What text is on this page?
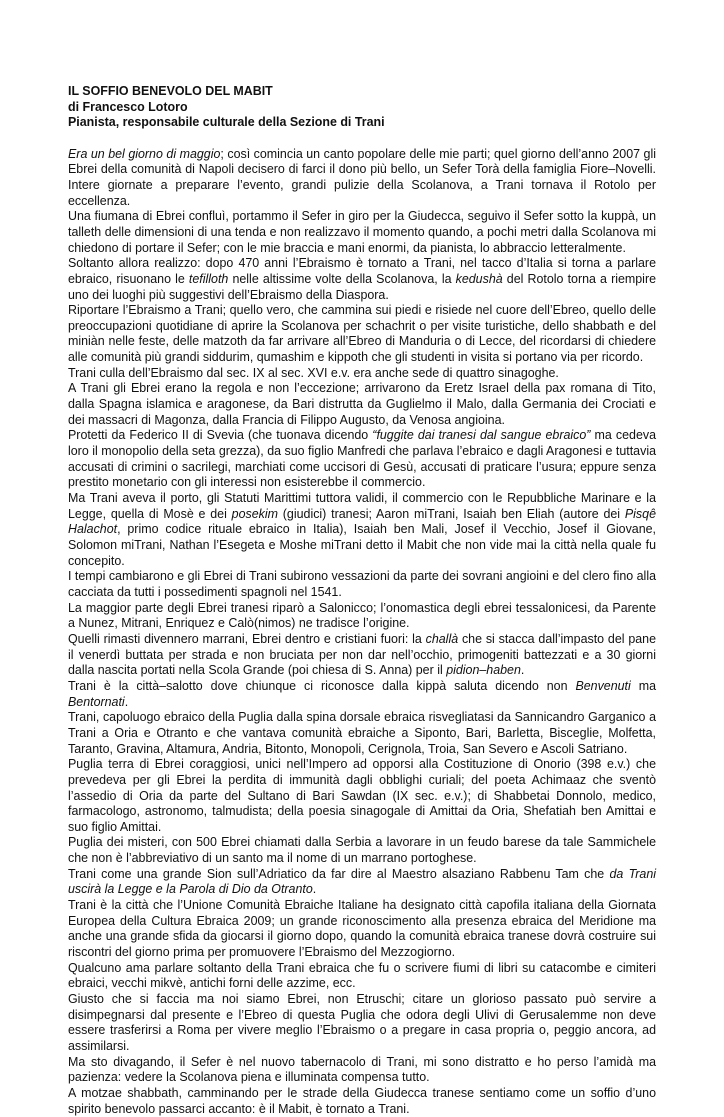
IL SOFFIO BENEVOLO DEL MABIT
di Francesco Lotoro
Pianista, responsabile culturale della Sezione di Trani

Era un bel giorno di maggio; così comincia un canto popolare delle mie parti; quel giorno dell’anno 2007 gli Ebrei della comunità di Napoli decisero di farci il dono più bello, un Sefer Torà della famiglia Fiore–Novelli. Intere giornate a preparare l’evento, grandi pulizie della Scolanova, a Trani tornava il Rotolo per eccellenza.

Una fiumana di Ebrei confluì, portammo il Sefer in giro per la Giudecca, seguivo il Sefer sotto la kuppà, un talleth delle dimensioni di una tenda e non realizzavo il momento quando, a pochi metri dalla Scolanova mi chiedono di portare il Sefer; con le mie braccia e mani enormi, da pianista, lo abbraccio letteralmente.

Soltanto allora realizzo: dopo 470 anni l’Ebraismo è tornato a Trani, nel tacco d’Italia si torna a parlare ebraico, risuonano le tefilloth nelle altissime volte della Scolanova, la kedushà del Rotolo torna a riempire uno dei luoghi più suggestivi dell’Ebraismo della Diaspora.

Riportare l’Ebraismo a Trani; quello vero, che cammina sui piedi e risiede nel cuore dell’Ebreo, quello delle preoccupazioni quotidiane di aprire la Scolanova per schachrit o per visite turistiche, dello shabbath e del miniàn nelle feste, delle matzoth da far arrivare all’Ebreo di Manduria o di Lecce, del ricordarsi di chiedere alle comunità più grandi siddurim, qumashim e kippoth che gli studenti in visita si portano via per ricordo.

Trani culla dell’Ebraismo dal sec. IX al sec. XVI e.v. era anche sede di quattro sinagoghe.

A Trani gli Ebrei erano la regola e non l’eccezione; arrivarono da Eretz Israel della pax romana di Tito, dalla Spagna islamica e aragonese, da Bari distrutta da Guglielmo il Malo, dalla Germania dei Crociati e dei massacri di Magonza, dalla Francia di Filippo Augusto, da Venosa angioina.

Protetti da Federico II di Svevia (che tuonava dicendo “fuggite dai tranesi dal sangue ebraico” ma cedeva loro il monopolio della seta grezza), da suo figlio Manfredi che parlava l’ebraico e dagli Aragonesi e tuttavia accusati di crimini o sacrilegi, marchiati come uccisori di Gesù, accusati di praticare l’usura; eppure senza prestito monetario con gli interessi non esisterebbe il commercio.

Ma Trani aveva il porto, gli Statuti Marittimi tuttora validi, il commercio con le Repubbliche Marinare e la Legge, quella di Mosè e dei posekim (giudici) tranesi; Aaron miTrani, Isaiah ben Eliah (autore dei Pisqê Halachot, primo codice rituale ebraico in Italia), Isaiah ben Mali, Josef il Vecchio, Josef il Giovane, Solomon miTrani, Nathan l’Esegeta e Moshe miTrani detto il Mabit che non vide mai la città nella quale fu concepito.

I tempi cambiarono e gli Ebrei di Trani subirono vessazioni da parte dei sovrani angioini e del clero fino alla cacciata da tutti i possedimenti spagnoli nel 1541.

La maggior parte degli Ebrei tranesi riparò a Salonicco; l’onomastica degli ebrei tessalonicesi, da Parente a Nunez, Mitrani, Enriquez e Calò(nimos) ne tradisce l’origine.

Quelli rimasti divennero marrani, Ebrei dentro e cristiani fuori: la challà che si stacca dall’impasto del pane il venerdì buttata per strada e non bruciata per non dar nell’occhio, primogeniti battezzati e a 30 giorni dalla nascita portati nella Scola Grande (poi chiesa di S. Anna) per il pidion–haben.

Trani è la città–salotto dove chiunque ci riconosce dalla kippà saluta dicendo non Benvenuti ma Bentornati.

Trani, capoluogo ebraico della Puglia dalla spina dorsale ebraica risvegliatasi da Sannicandro Garganico a Trani a Oria e Otranto e che vantava comunità ebraiche a Siponto, Bari, Barletta, Bisceglie, Molfetta, Taranto, Gravina, Altamura, Andria, Bitonto, Monopoli, Cerignola, Troia, San Severo e Ascoli Satriano.

Puglia terra di Ebrei coraggiosi, unici nell’Impero ad opporsi alla Costituzione di Onorio (398 e.v.) che prevedeva per gli Ebrei la perdita di immunità dagli obblighi curiali; del poeta Achimaaz che sventò l’assedio di Oria da parte del Sultano di Bari Sawdan (IX sec. e.v.); di Shabbetai Donnolo, medico, farmacologo, astronomo, talmudista; della poesia sinagogale di Amittai da Oria, Shefatiah ben Amittai e suo figlio Amittai.

Puglia dei misteri, con 500 Ebrei chiamati dalla Serbia a lavorare in un feudo barese da tale Sammichele che non è l’abbreviativo di un santo ma il nome di un marrano portoghese.

Trani come una grande Sion sull’Adriatico da far dire al Maestro alsaziano Rabbenu Tam che da Trani uscirà la Legge e la Parola di Dio da Otranto.

Trani è la città che l’Unione Comunità Ebraiche Italiane ha designato città capofila italiana della Giornata Europea della Cultura Ebraica 2009; un grande riconoscimento alla presenza ebraica del Meridione ma anche una grande sfida da giocarsi il giorno dopo, quando la comunità ebraica tranese dovrà costruire sui riscontri del giorno prima per promuovere l’Ebraismo del Mezzogiorno.

Qualcuno ama parlare soltanto della Trani ebraica che fu o scrivere fiumi di libri su catacombe e cimiteri ebraici, vecchi mikvè, antichi forni delle azzime, ecc.

Giusto che si faccia ma noi siamo Ebrei, non Etruschi; citare un glorioso passato può servire a disimpegnarsi dal presente e l’Ebreo di questa Puglia che odora degli Ulivi di Gerusalemme non deve essere trasferirsi a Roma per vivere meglio l’Ebraismo o a pregare in casa propria o, peggio ancora, ad assimilarsi.

Ma sto divagando, il Sefer è nel nuovo tabernacolo di Trani, mi sono distratto e ho perso l’amidà ma pazienza: vedere la Scolanova piena e illuminata compensa tutto.

A motzae shabbath, camminando per le strade della Giudecca tranese sentiamo come un soffio d’uno spirito benevolo passarci accanto: è il Mabit, è tornato a Trani.
